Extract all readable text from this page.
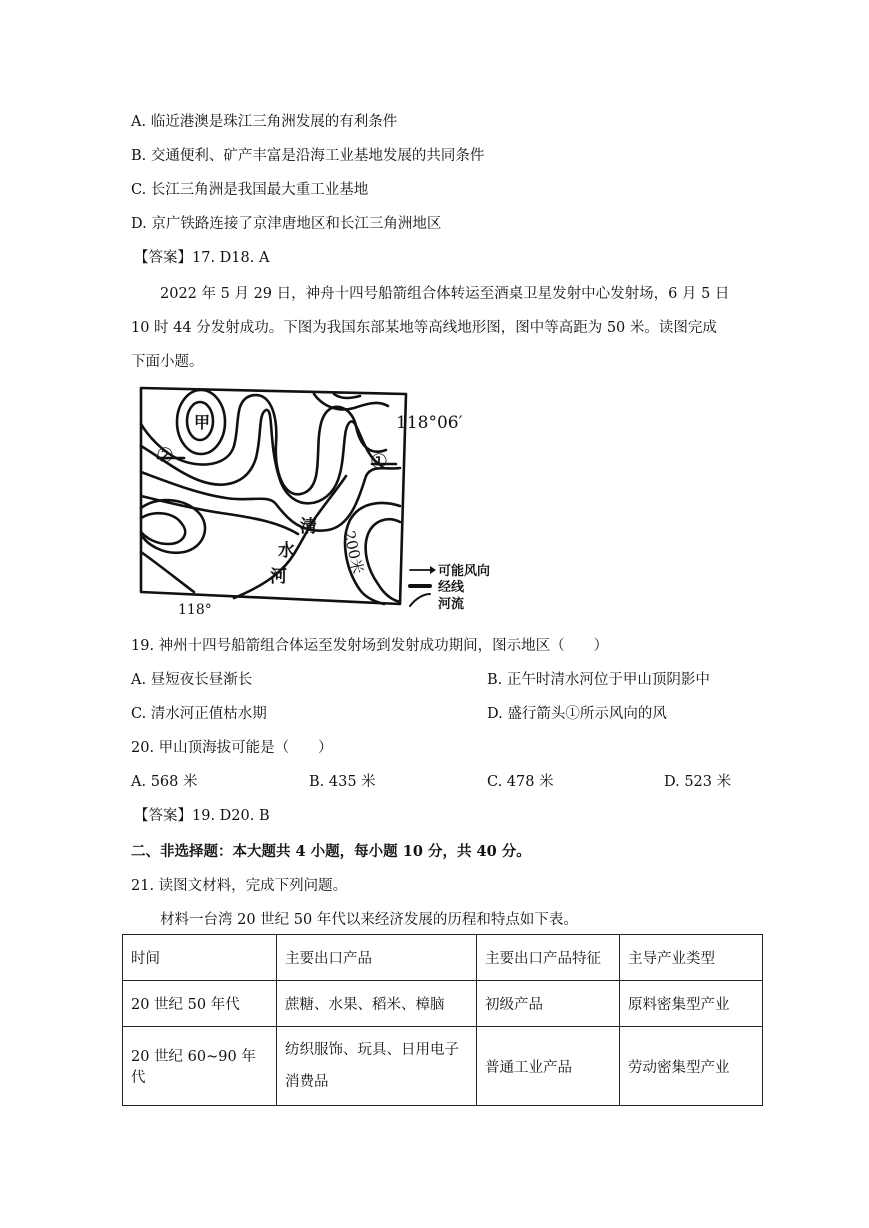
A. 临近港澳是珠江三角洲发展的有利条件
B. 交通便利、矿产丰富是沿海工业基地发展的共同条件
C. 长江三角洲是我国最大重工业基地
D. 京广铁路连接了京津唐地区和长江三角洲地区
【答案】17. D18. A
2022 年 5 月 29 日，神舟十四号船箭组合体转运至酒桌卫星发射中心发射场，6 月 5 日
10 时 44 分发射成功。下图为我国东部某地等高线地形图，图中等高距为 50 米。读图完成
下面小题。
甲
②	①
118°06′
118°
清
水
河
200米	可能风向
经线
河流
19. 神州十四号船箭组合体运至发射场到发射成功期间，图示地区（　　）
A. 昼短夜长昼渐长	B. 正午时清水河位于甲山顶阴影中
C. 清水河正值枯水期	D. 盛行箭头①所示风向的风
20. 甲山顶海拔可能是（　　）
A. 568 米	B. 435 米	C. 478 米	D. 523 米
【答案】19. D20. B
二、非选择题：本大题共 4 小题，每小题 10 分，共 40 分。
21. 读图文材料，完成下列问题。
材料一台湾 20 世纪 50 年代以来经济发展的历程和特点如下表。
时间	主要出口产品	主要出口产品特征	主导产业类型
20 世纪 50 年代	蔗糖、水果、稻米、樟脑	初级产品	原料密集型产业
20 世纪 60~90 年代	纺织服饰、玩具、日用电子
消费品	普通工业产品	劳动密集型产业
